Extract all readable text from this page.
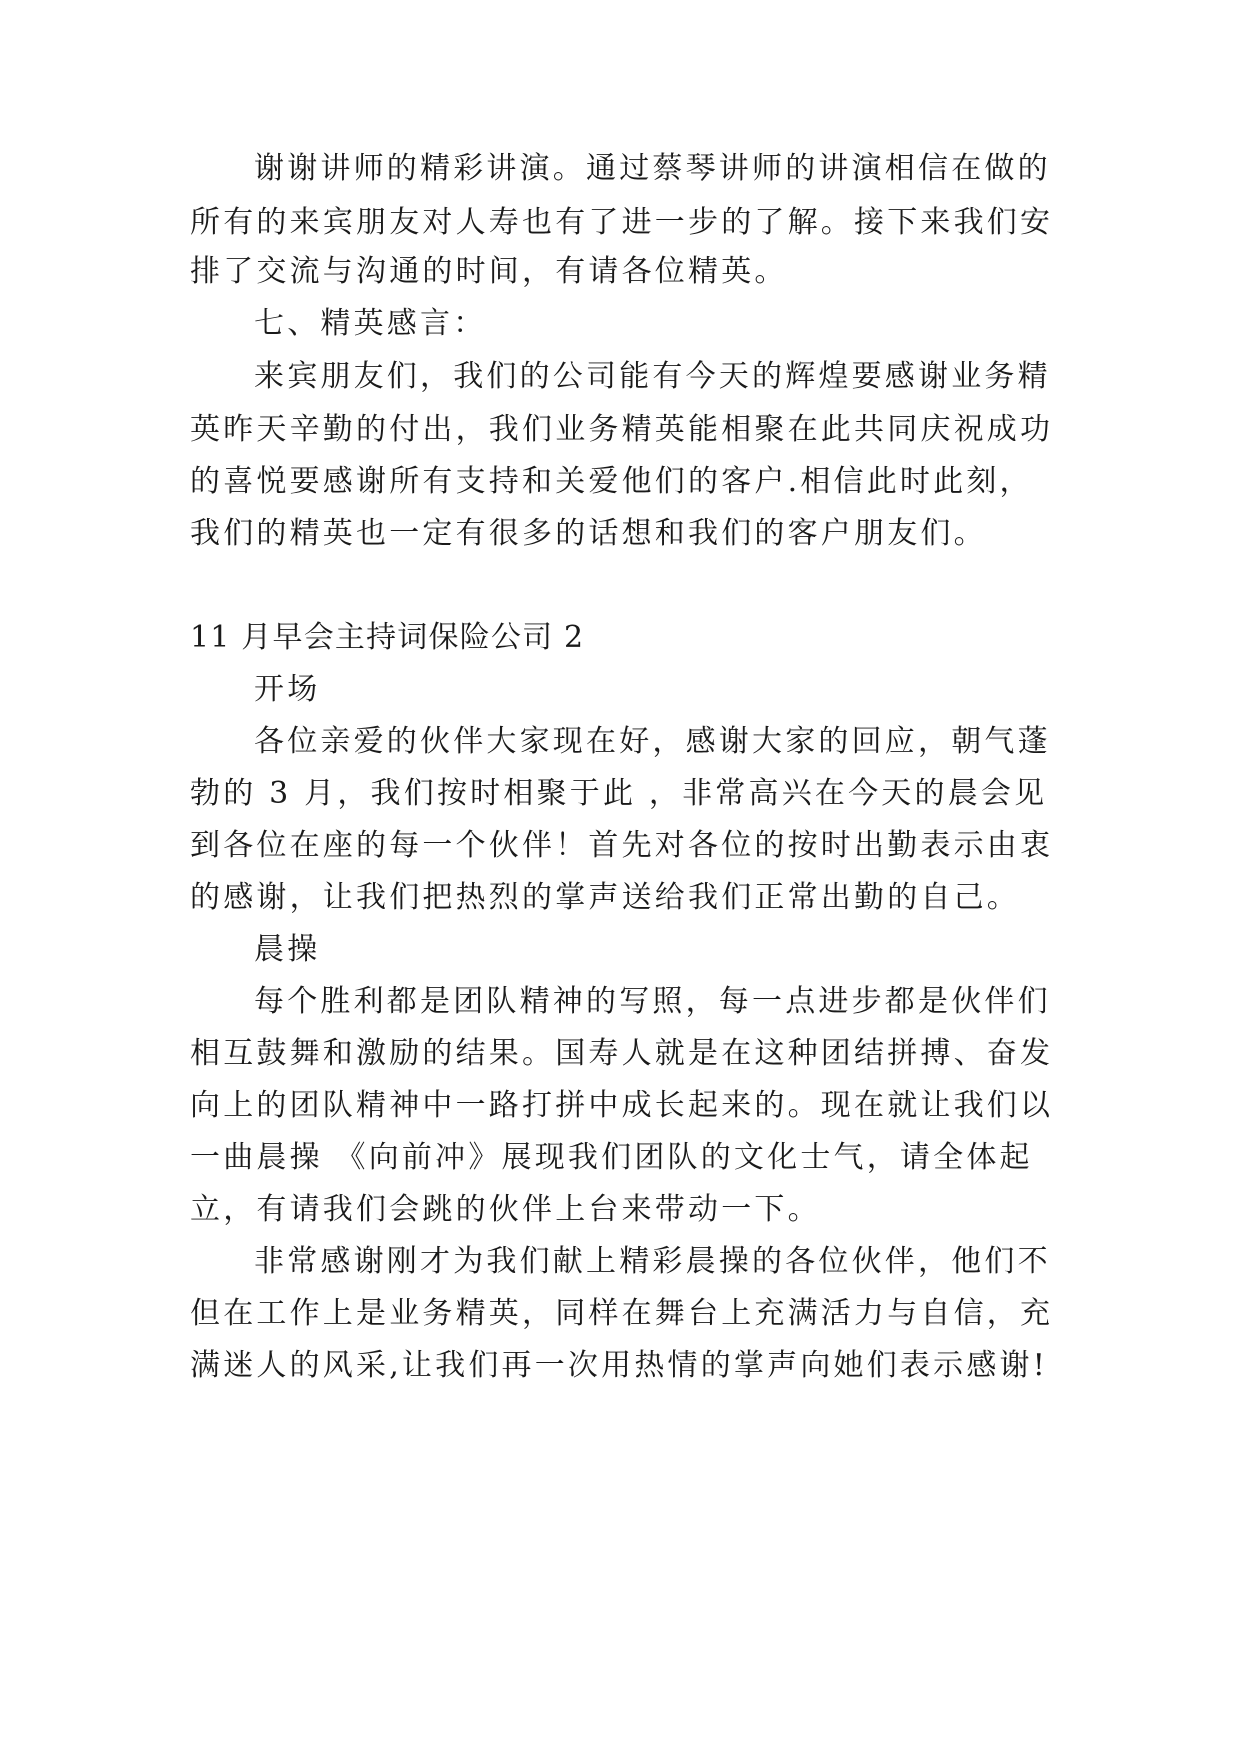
谢谢讲师的精彩讲演。通过蔡琴讲师的讲演相信在做的
所有的来宾朋友对人寿也有了进一步的了解。接下来我们安
排了交流与沟通的时间，有请各位精英。
七、精英感言：
来宾朋友们，我们的公司能有今天的辉煌要感谢业务精
英昨天辛勤的付出，我们业务精英能相聚在此共同庆祝成功
的喜悦要感谢所有支持和关爱他们的客户.相信此时此刻，
我们的精英也一定有很多的话想和我们的客户朋友们。
11 月早会主持词保险公司 2
开场
各位亲爱的伙伴大家现在好，感谢大家的回应，朝气蓬
勃的 3 月，我们按时相聚于此 ，非常高兴在今天的晨会见
到各位在座的每一个伙伴！首先对各位的按时出勤表示由衷
的感谢，让我们把热烈的掌声送给我们正常出勤的自己。
晨操
每个胜利都是团队精神的写照，每一点进步都是伙伴们
相互鼓舞和激励的结果。国寿人就是在这种团结拼搏、奋发
向上的团队精神中一路打拼中成长起来的。现在就让我们以
一曲晨操 《向前冲》展现我们团队的文化士气，请全体起
立，有请我们会跳的伙伴上台来带动一下。
非常感谢刚才为我们献上精彩晨操的各位伙伴，他们不
但在工作上是业务精英，同样在舞台上充满活力与自信，充
满迷人的风采,让我们再一次用热情的掌声向她们表示感谢!
